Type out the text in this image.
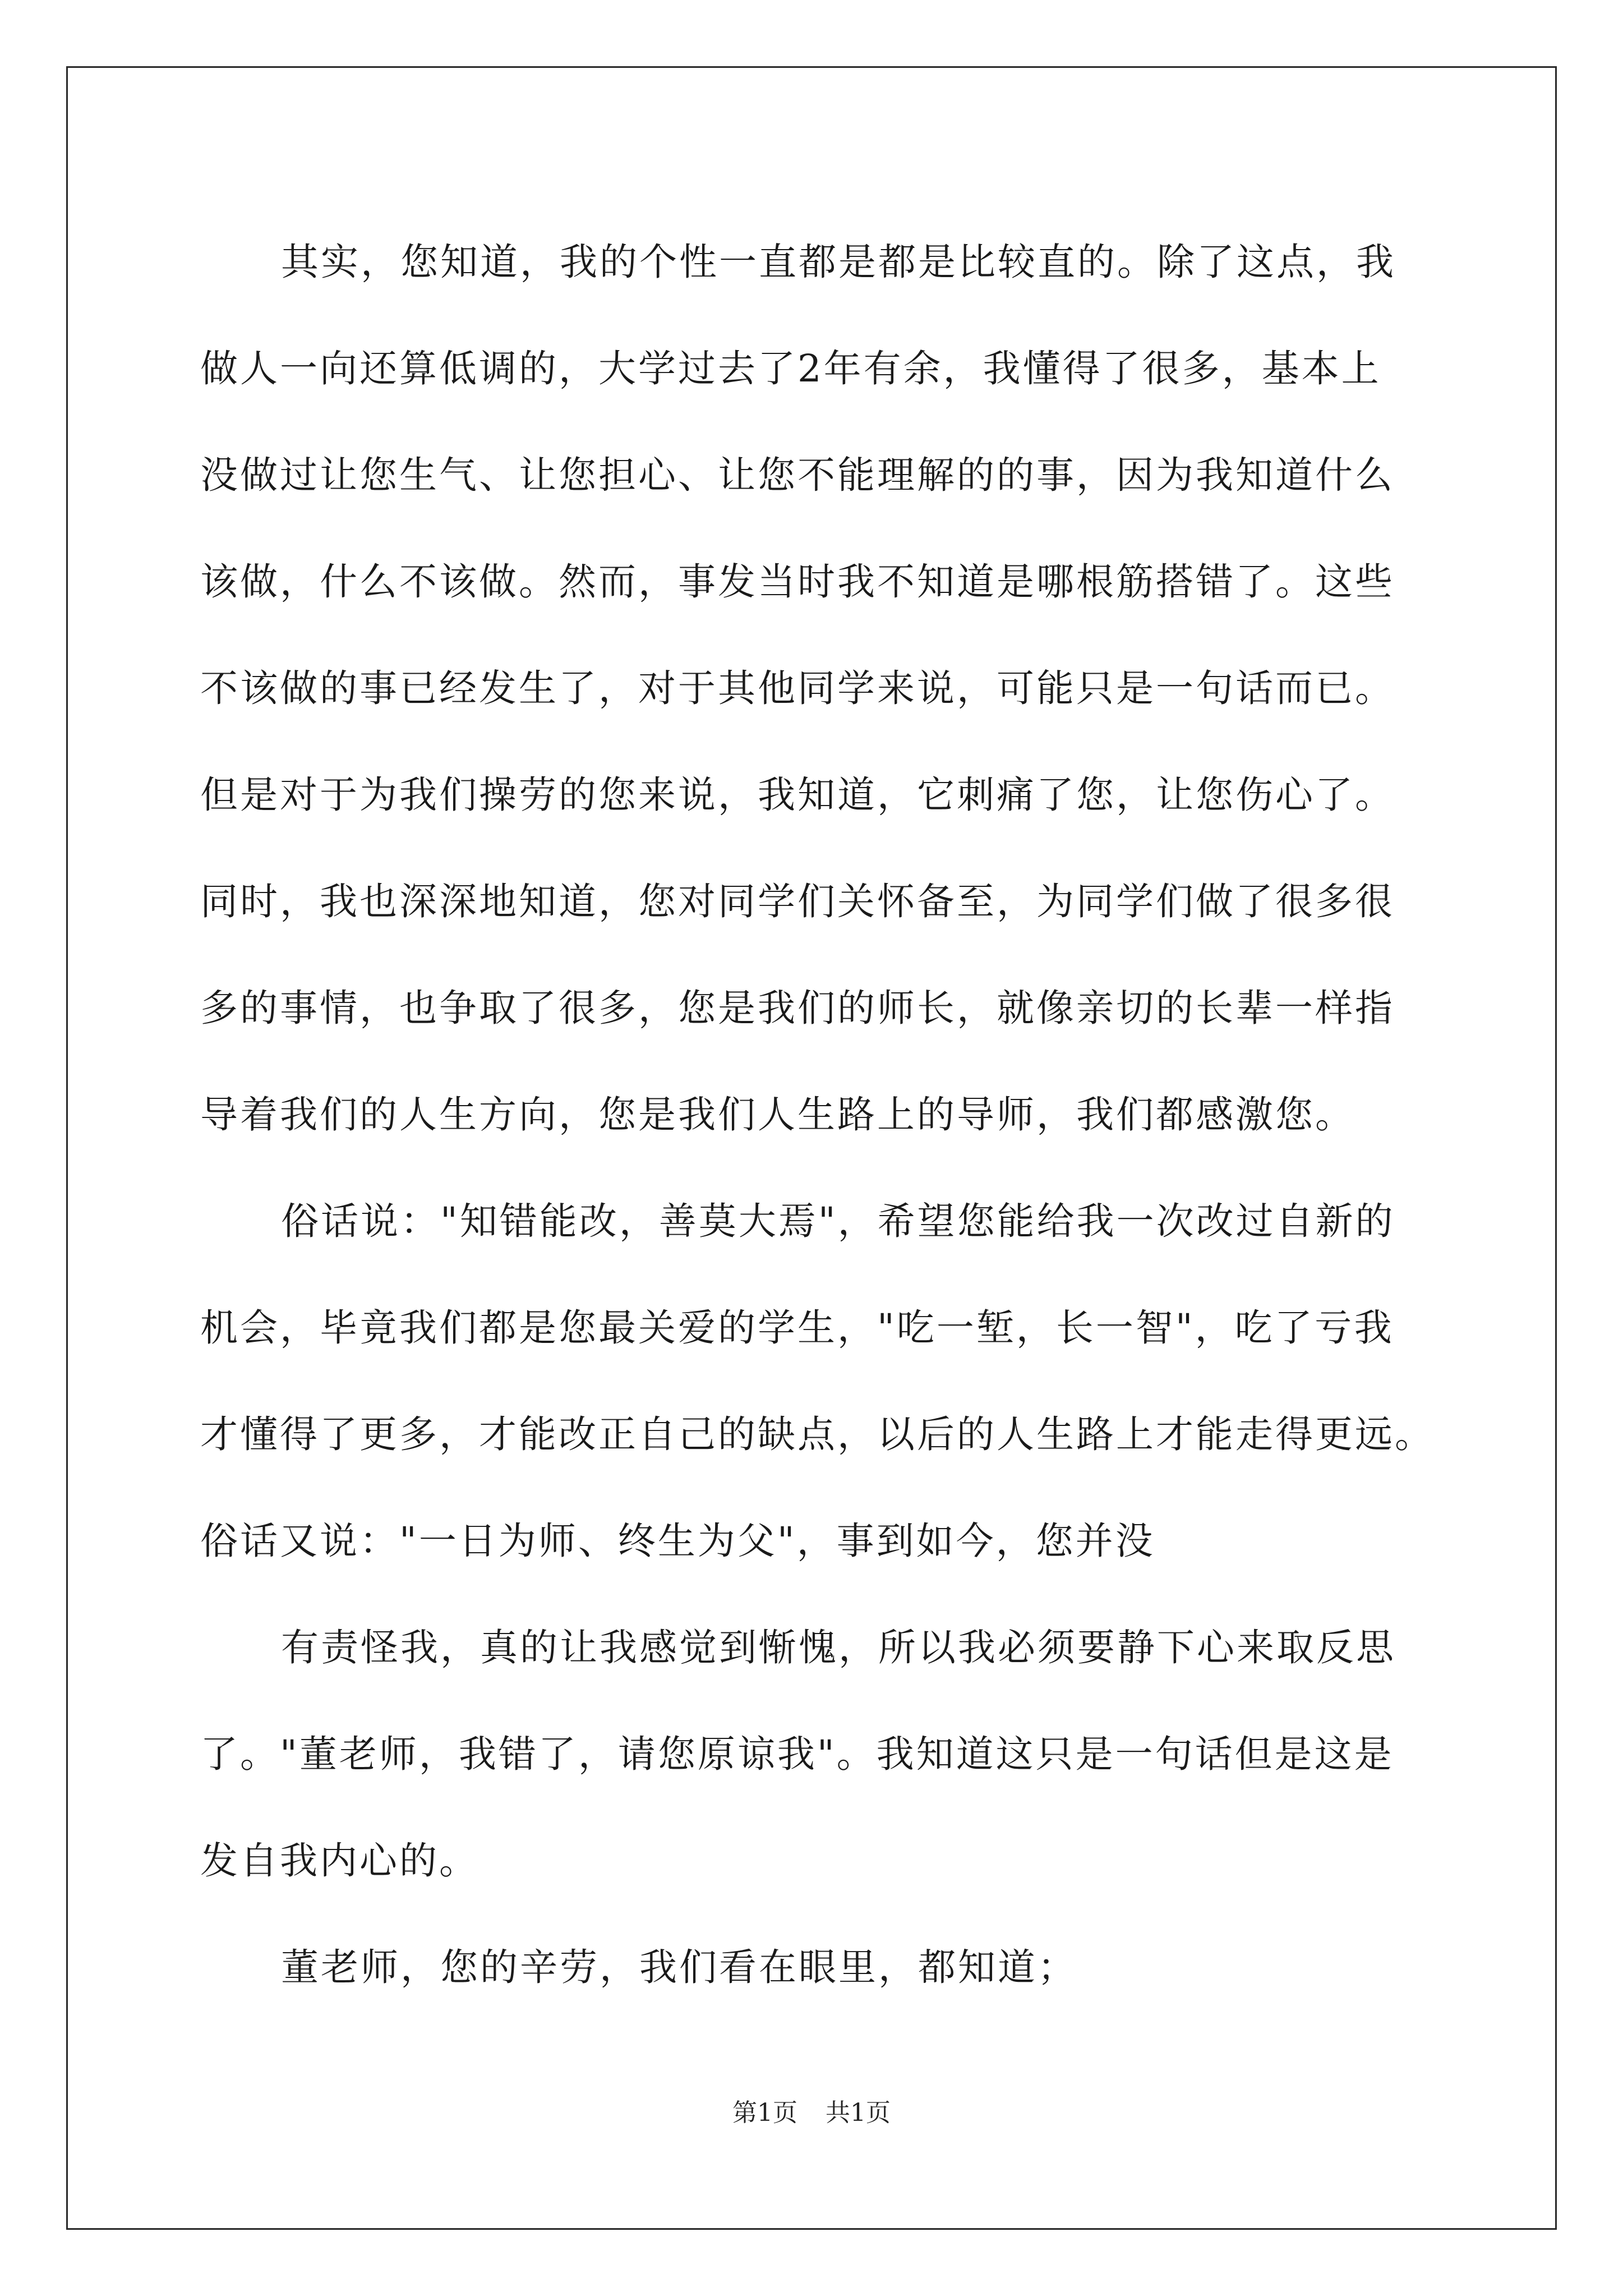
其实，您知道，我的个性一直都是都是比较直的。除了这点，我
做人一向还算低调的，大学过去了2年有余，我懂得了很多，基本上
没做过让您生气、让您担心、让您不能理解的的事，因为我知道什么
该做，什么不该做。然而，事发当时我不知道是哪根筋搭错了。这些
不该做的事已经发生了，对于其他同学来说，可能只是一句话而已。
但是对于为我们操劳的您来说，我知道，它刺痛了您，让您伤心了。
同时，我也深深地知道，您对同学们关怀备至，为同学们做了很多很
多的事情，也争取了很多，您是我们的师长，就像亲切的长辈一样指
导着我们的人生方向，您是我们人生路上的导师，我们都感激您。
俗话说："知错能改，善莫大焉"，希望您能给我一次改过自新的
机会，毕竟我们都是您最关爱的学生，"吃一堑，长一智"，吃了亏我
才懂得了更多，才能改正自己的缺点，以后的人生路上才能走得更远。
俗话又说："一日为师、终生为父"，事到如今，您并没
有责怪我，真的让我感觉到惭愧，所以我必须要静下心来取反思
了。"董老师，我错了，请您原谅我"。我知道这只是一句话但是这是
发自我内心的。
董老师，您的辛劳，我们看在眼里，都知道；
第1页 共1页
